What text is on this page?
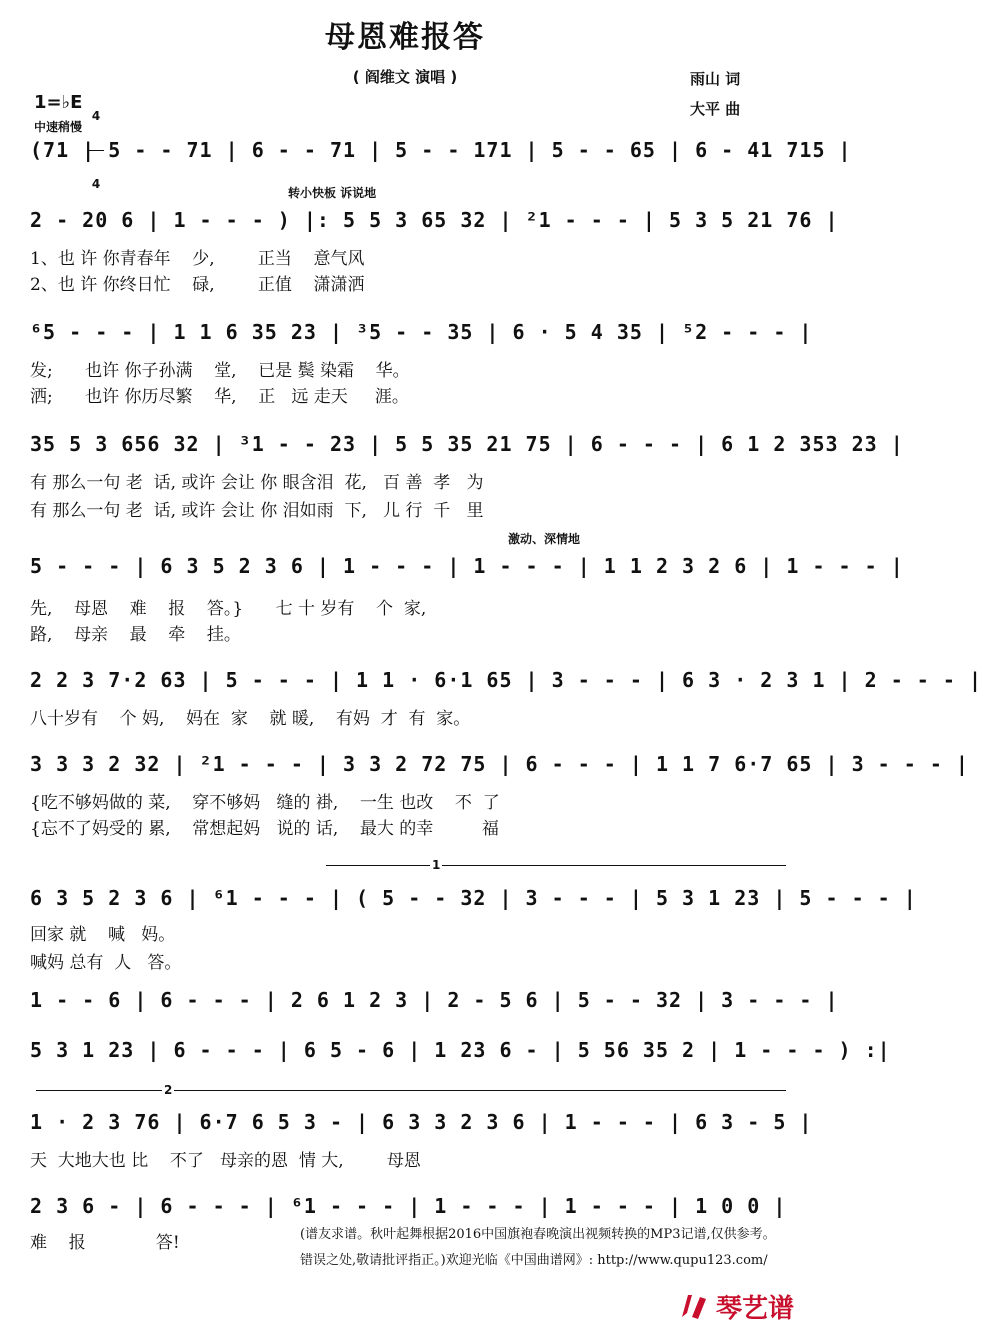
母恩难报答
( 阎维文 演唱 )	雨山 词
大平 曲
1=♭E

4

4

中速稍慢
转小快板 诉说地
激动、深情地
1
2
(71 | 5 - - 71 | 6 - - 71 | 5 - - 171 | 5 - - 65 | 6 - 41 715 |
2 - 20 6 | 1 - - - ) |: 5 5 3 65 32 | ²1 - - - | 5 3 5 21 76 |
1、也 许 你青春年    少,        正当    意气风
2、也 许 你终日忙    碌,        正值    潇潇洒
⁶5 - - - | 1 1 6 35 23 | ³5 - - 35 | 6 · 5 4 35 | ⁵2 - - - |
发;      也许 你子孙满    堂,    已是 鬓 染霜    华。
洒;      也许 你历尽繁    华,    正   远 走天     涯。
35 5 3 656 32 | ³1 - - 23 | 5 5 35 21 75 | 6 - - - | 6 1 2 353 23 |
有 那么一句 老  话, 或许 会让 你 眼含泪  花,   百 善  孝   为
有 那么一句 老  话, 或许 会让 你 泪如雨  下,   儿 行  千   里
5 - - - | 6 3 5 2 3 6 | 1 - - - | 1 - - - | 1 1 2 3 2 6 | 1 - - - |
先,    母恩    难    报    答。}      七 十 岁有    个  家,
路,    母亲    最    牵    挂。
2 2 3 7·2 63 | 5 - - - | 1 1 · 6·1 65 | 3 - - - | 6 3 · 2 3 1 | 2 - - - |
八十岁有    个 妈,    妈在  家    就 暖,    有妈  才  有  家。
3 3 3 2 32 | ²1 - - - | 3 3 2 72 75 | 6 - - - | 1 1 7 6·7 65 | 3 - - - |
{吃不够妈做的 菜,    穿不够妈   缝的 褂,    一生 也改    不  了
{忘不了妈受的 累,    常想起妈   说的 话,    最大 的幸         福
6 3 5 2 3 6 | ⁶1 - - - | ( 5 - - 32 | 3 - - - | 5 3 1 23 | 5 - - - |
回家 就    喊   妈。
喊妈 总有  人   答。
1 - - 6 | 6 - - - | 2 6 1 2 3 | 2 - 5 6 | 5 - - 32 | 3 - - - |
5 3 1 23 | 6 - - - | 6 5 - 6 | 1 23 6 - | 5 56 35 2 | 1 - - - ) :|
1 · 2 3 76 | 6·7 6 5 3 - | 6 3 3 2 3 6 | 1 - - - | 6 3 - 5 |
天  大地大也 比    不了   母亲的恩  情 大,        母恩
2 3 6 - | 6 - - - | ⁶1 - - - | 1 - - - | 1 - - - | 1 0 0 |
难    报             答!	(谱友求谱。秋叶起舞根据2016中国旗袍春晚演出视频转换的MP3记谱,仅供参考。错误之处,敬请批评指正。)欢迎光临《中国曲谱网》: http://www.qupu123.com/
琴艺谱
